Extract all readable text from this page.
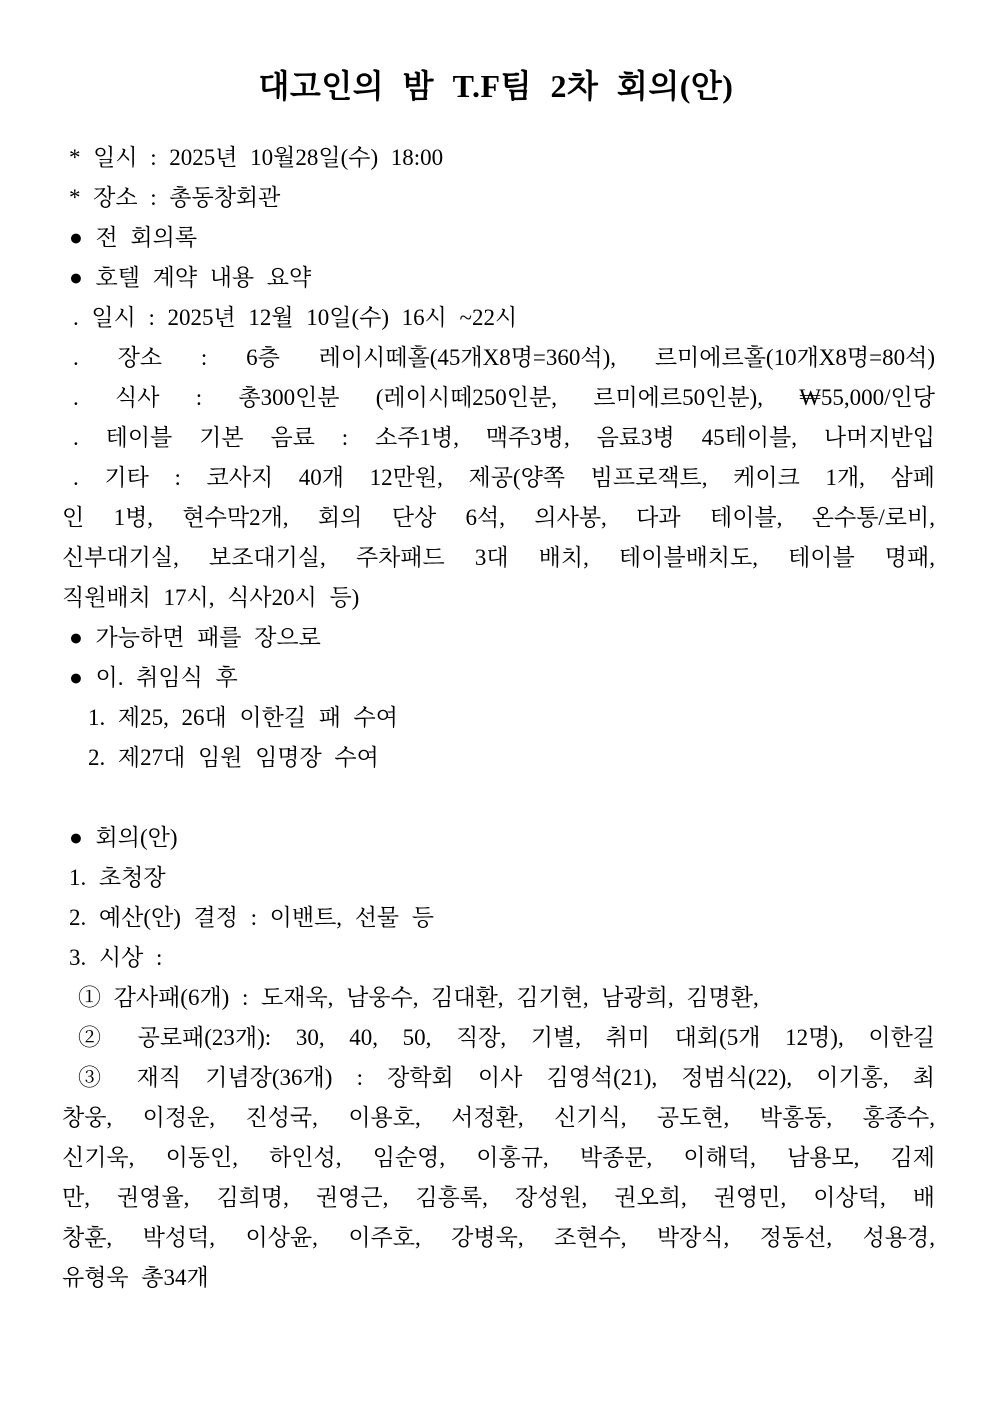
대고인의 밤 T.F팀 2차 회의(안)
* 일시 : 2025년 10월28일(수) 18:00
* 장소 : 총동창회관
● 전 회의록
● 호텔 계약 내용 요약
. 일시 : 2025년 12월 10일(수) 16시 ~22시
. 장소 : 6층 레이시떼홀(45개X8명=360석), 르미에르홀(10개X8명=80석)
. 식사 : 총300인분 (레이시떼250인분, 르미에르50인분), ₩55,000/인당
. 테이블 기본 음료 : 소주1병, 맥주3병, 음료3병 45테이블, 나머지반입
. 기타 : 코사지 40개 12만원, 제공(양쪽 빔프로잭트, 케이크 1개, 삼페
인 1병, 현수막2개, 회의 단상 6석, 의사봉, 다과 테이블, 온수통/로비,
신부대기실, 보조대기실, 주차패드 3대 배치, 테이블배치도, 테이블 명패,
직원배치 17시, 식사20시 등)
● 가능하면 패를 장으로
● 이. 취임식 후
1. 제25, 26대 이한길 패 수여
2. 제27대 임원 임명장 수여
● 회의(안)
1. 초청장
2. 예산(안) 결정 : 이밴트, 선물 등
3. 시상 :
① 감사패(6개) : 도재욱, 남웅수, 김대환, 김기현, 남광희, 김명환,
② 공로패(23개): 30, 40, 50, 직장, 기별, 취미 대회(5개 12명), 이한길
③ 재직 기념장(36개) : 장학회 이사 김영석(21), 정범식(22), 이기홍, 최
창웅, 이정운, 진성국, 이용호, 서정환, 신기식, 공도현, 박홍동, 홍종수,
신기욱, 이동인, 하인성, 임순영, 이홍규, 박종문, 이해덕, 남용모, 김제
만, 권영율, 김희명, 권영근, 김흥록, 장성원, 권오희, 권영민, 이상덕, 배
창훈, 박성덕, 이상윤, 이주호, 강병욱, 조현수, 박장식, 정동선, 성용경,
유형욱 총34개
